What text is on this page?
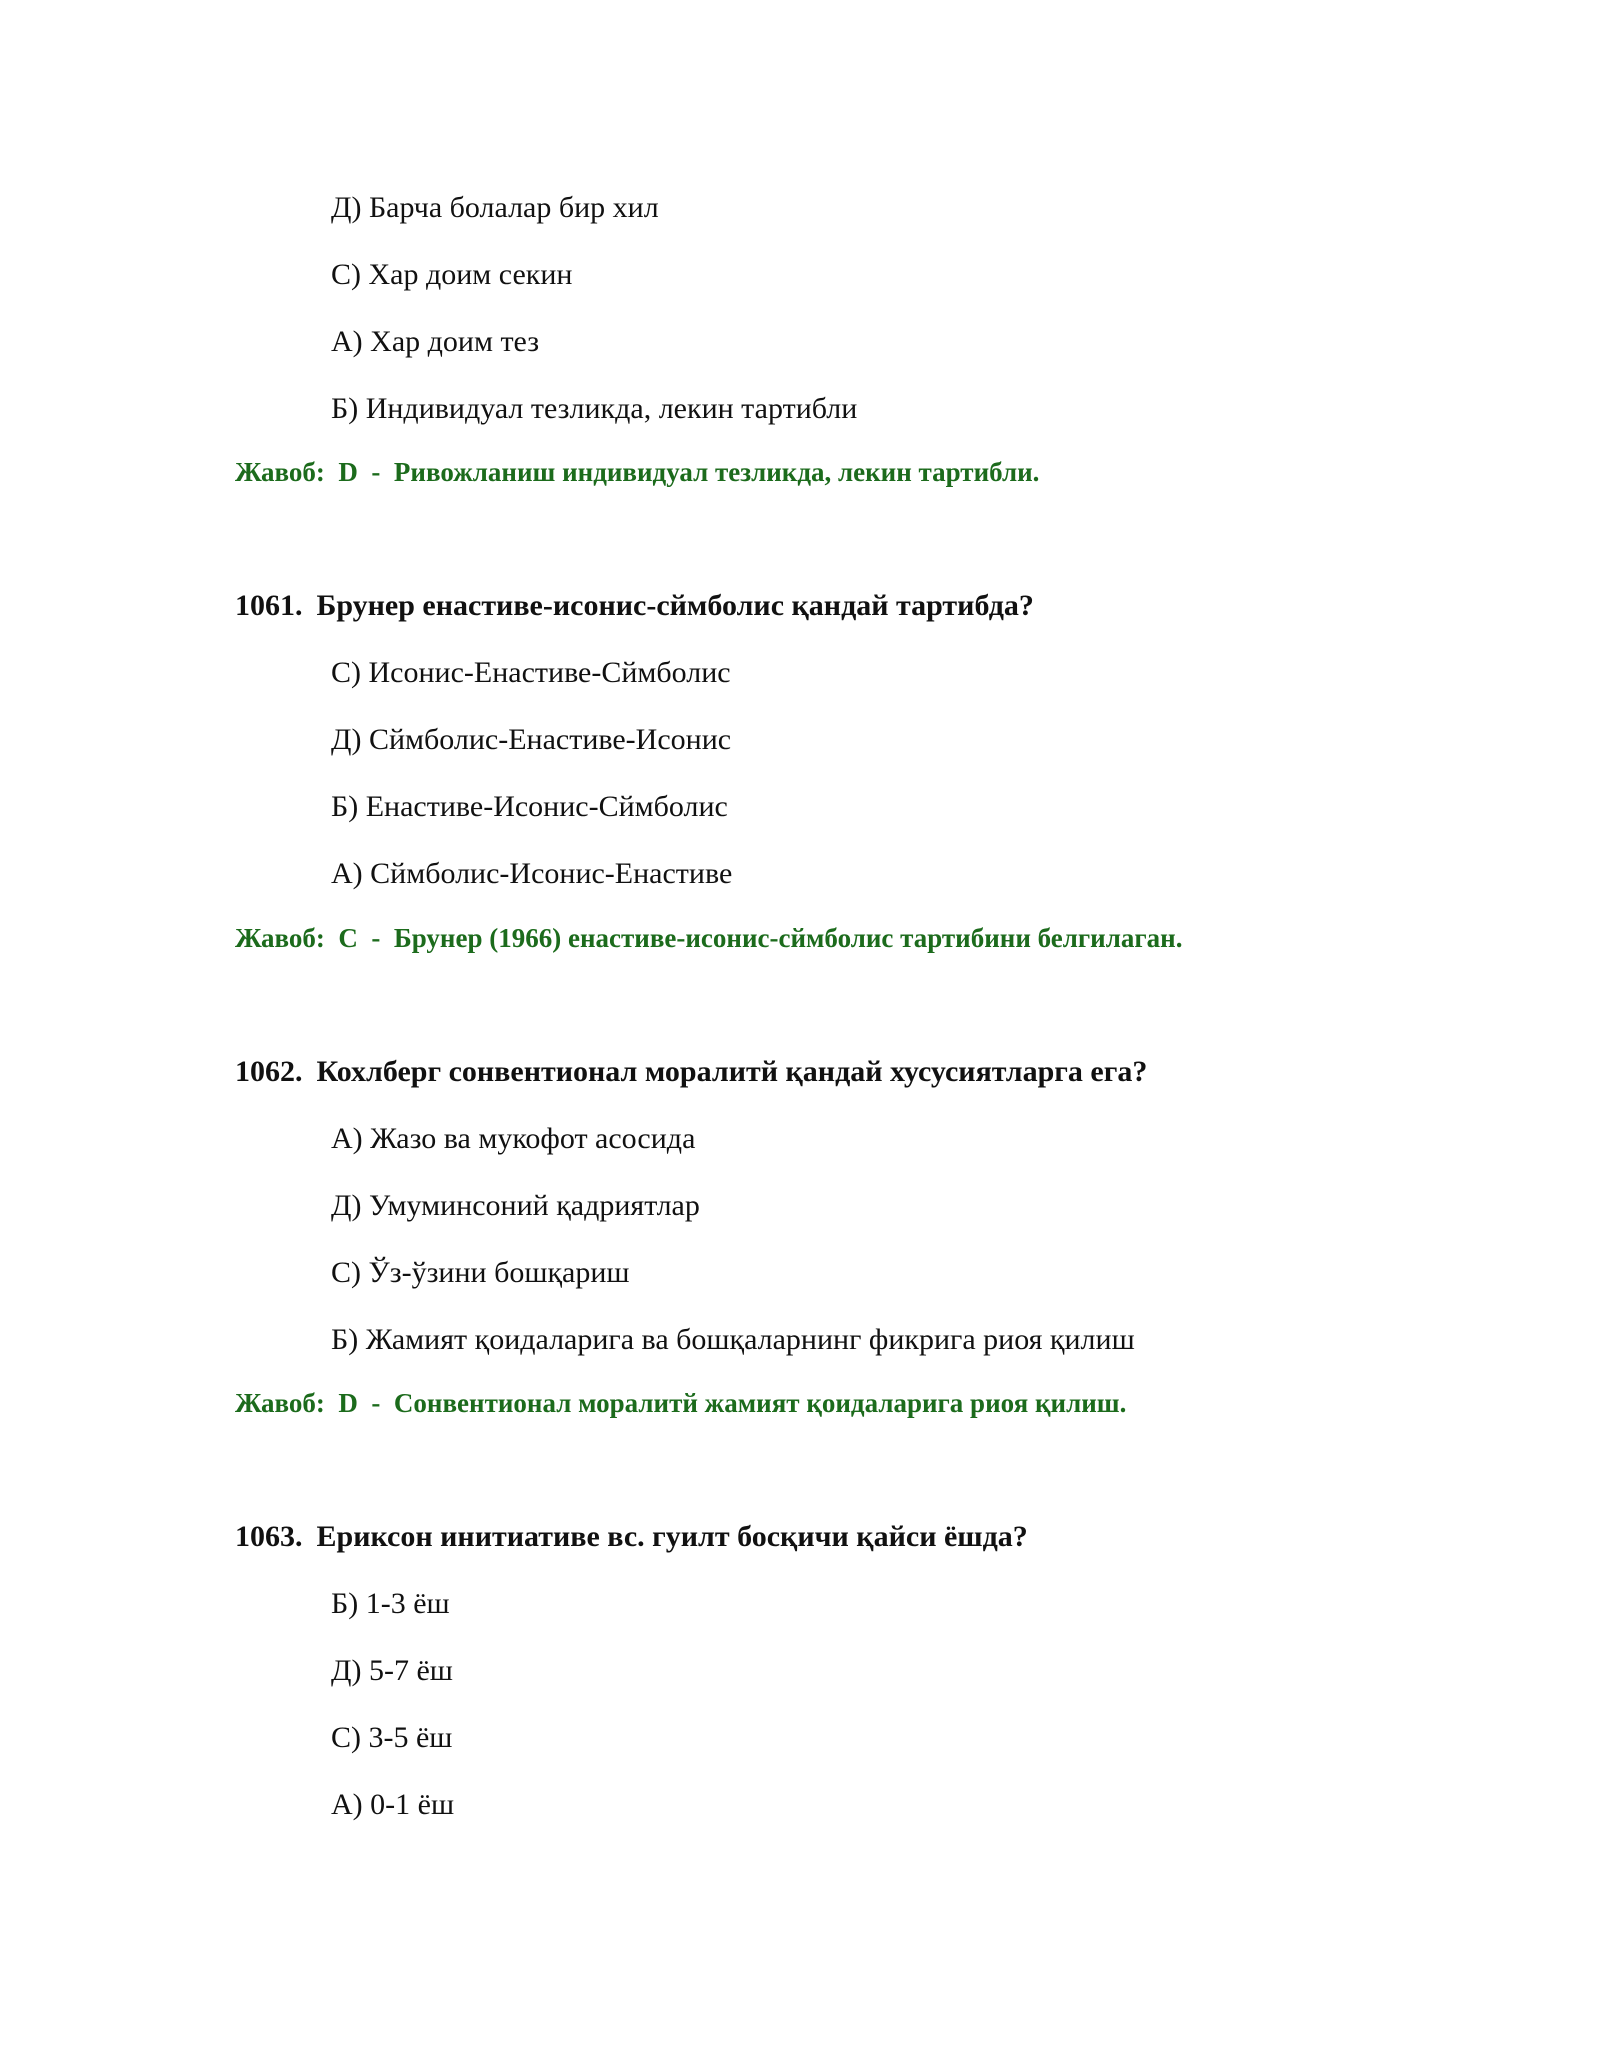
Д) Барча болалар бир хил
С) Хар доим секин
А) Хар доим тез
Б) Индивидуал тезликда, лекин тартибли
Жавоб: D - Ривожланиш индивидуал тезликда, лекин тартибли.
1061. Брунер енастиве-исонис-сймболис қандай тартибда?
С) Исонис-Енастиве-Сймболис
Д) Сймболис-Енастиве-Исонис
Б) Енастиве-Исонис-Сймболис
А) Сймболис-Исонис-Енастиве
Жавоб: C - Брунер (1966) енастиве-исонис-сймболис тартибини белгилаган.
1062. Кохлберг сонвентионал моралитй қандай хусусиятларга ега?
А) Жазо ва мукофот асосида
Д) Умуминсоний қадриятлар
С) Ўз-ўзини бошқариш
Б) Жамият қоидаларига ва бошқаларнинг фикрига риоя қилиш
Жавоб: D - Сонвентионал моралитй жамият қоидаларига риоя қилиш.
1063. Ериксон инитиативе вс. гуилт босқичи қайси ёшда?
Б) 1-3 ёш
Д) 5-7 ёш
С) 3-5 ёш
А) 0-1 ёш
